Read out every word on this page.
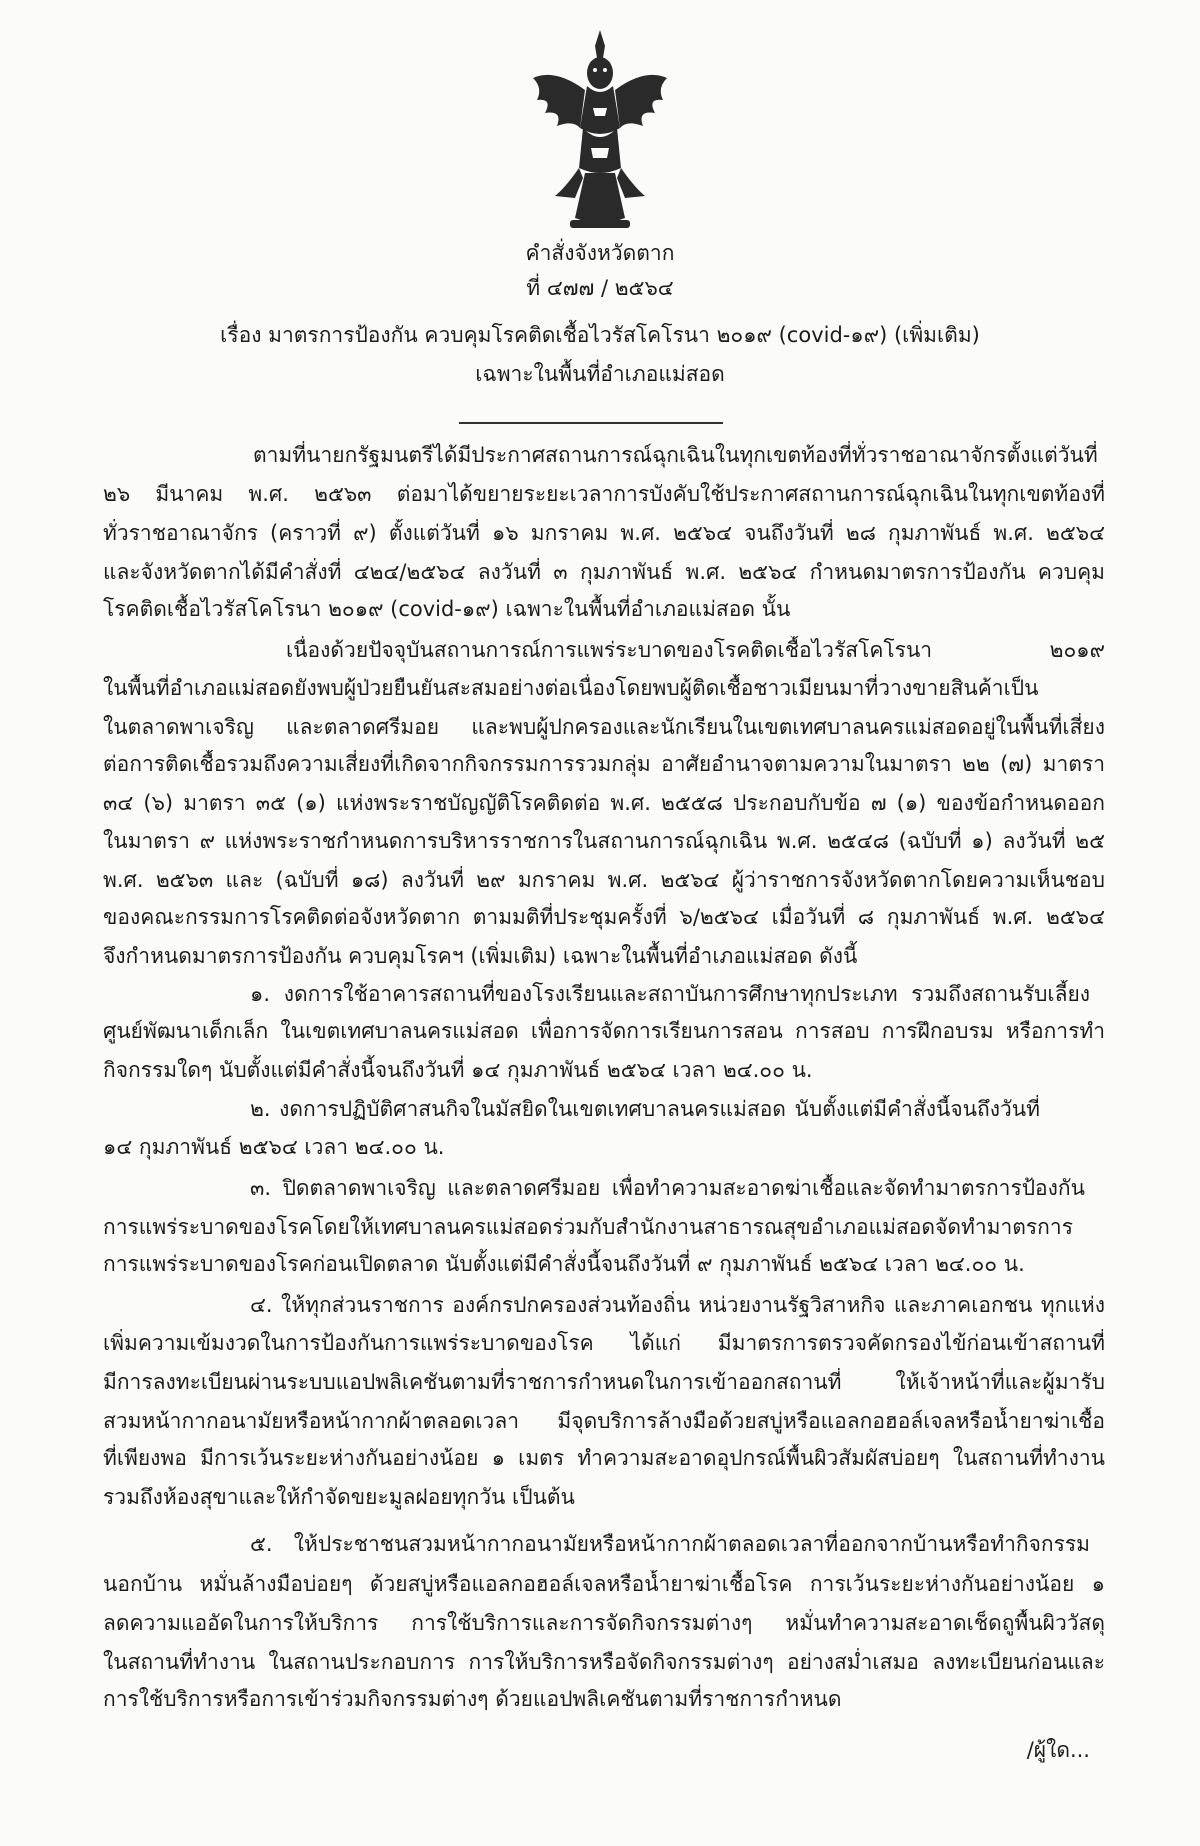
คำสั่งจังหวัดตาก
ที่ ๔๗๗ / ๒๕๖๔
เรื่อง มาตรการป้องกัน ควบคุมโรคติดเชื้อไวรัสโคโรนา ๒๐๑๙ (covid-๑๙) (เพิ่มเติม)
เฉพาะในพื้นที่อำเภอแม่สอด
ตามที่นายกรัฐมนตรีได้มีประกาศสถานการณ์ฉุกเฉินในทุกเขตท้องที่ทั่วราชอาณาจักรตั้งแต่วันที่
๒๖ มีนาคม พ.ศ. ๒๕๖๓ ต่อมาได้ขยายระยะเวลาการบังคับใช้ประกาศสถานการณ์ฉุกเฉินในทุกเขตท้องที่
ทั่วราชอาณาจักร (คราวที่ ๙) ตั้งแต่วันที่ ๑๖ มกราคม พ.ศ. ๒๕๖๔ จนถึงวันที่ ๒๘ กุมภาพันธ์ พ.ศ. ๒๕๖๔
และจังหวัดตากได้มีคำสั่งที่ ๔๒๔/๒๕๖๔ ลงวันที่ ๓ กุมภาพันธ์ พ.ศ. ๒๕๖๔ กำหนดมาตรการป้องกัน ควบคุม
โรคติดเชื้อไวรัสโคโรนา ๒๐๑๙ (covid-๑๙) เฉพาะในพื้นที่อำเภอแม่สอด นั้น
เนื่องด้วยปัจจุบันสถานการณ์การแพร่ระบาดของโรคติดเชื้อไวรัสโคโรนา ๒๐๑๙
ในพื้นที่อำเภอแม่สอดยังพบผู้ป่วยยืนยันสะสมอย่างต่อเนื่องโดยพบผู้ติดเชื้อชาวเมียนมาที่วางขายสินค้าเป็น
ในตลาดพาเจริญ และตลาดศรีมอย และพบผู้ปกครองและนักเรียนในเขตเทศบาลนครแม่สอดอยู่ในพื้นที่เสี่ยง
ต่อการติดเชื้อรวมถึงความเสี่ยงที่เกิดจากกิจกรรมการรวมกลุ่ม อาศัยอำนาจตามความในมาตรา ๒๒ (๗) มาตรา
๓๔ (๖) มาตรา ๓๕ (๑) แห่งพระราชบัญญัติโรคติดต่อ พ.ศ. ๒๕๕๘ ประกอบกับข้อ ๗ (๑) ของข้อกำหนดออก
ในมาตรา ๙ แห่งพระราชกำหนดการบริหารราชการในสถานการณ์ฉุกเฉิน พ.ศ. ๒๕๔๘ (ฉบับที่ ๑) ลงวันที่ ๒๕
พ.ศ. ๒๕๖๓ และ (ฉบับที่ ๑๘) ลงวันที่ ๒๙ มกราคม พ.ศ. ๒๕๖๔ ผู้ว่าราชการจังหวัดตากโดยความเห็นชอบ
ของคณะกรรมการโรคติดต่อจังหวัดตาก ตามมติที่ประชุมครั้งที่ ๖/๒๕๖๔ เมื่อวันที่ ๘ กุมภาพันธ์ พ.ศ. ๒๕๖๔
จึงกำหนดมาตรการป้องกัน ควบคุมโรคฯ (เพิ่มเติม) เฉพาะในพื้นที่อำเภอแม่สอด ดังนี้
๑. งดการใช้อาคารสถานที่ของโรงเรียนและสถาบันการศึกษาทุกประเภท รวมถึงสถานรับเลี้ยง
ศูนย์พัฒนาเด็กเล็ก ในเขตเทศบาลนครแม่สอด เพื่อการจัดการเรียนการสอน การสอบ การฝึกอบรม หรือการทำ
กิจกรรมใดๆ นับตั้งแต่มีคำสั่งนี้จนถึงวันที่ ๑๔ กุมภาพันธ์ ๒๕๖๔ เวลา ๒๔.๐๐ น.
๒. งดการปฏิบัติศาสนกิจในมัสยิดในเขตเทศบาลนครแม่สอด นับตั้งแต่มีคำสั่งนี้จนถึงวันที่
๑๔ กุมภาพันธ์ ๒๕๖๔ เวลา ๒๔.๐๐ น.
๓. ปิดตลาดพาเจริญ และตลาดศรีมอย เพื่อทำความสะอาดฆ่าเชื้อและจัดทำมาตรการป้องกัน
การแพร่ระบาดของโรคโดยให้เทศบาลนครแม่สอดร่วมกับสำนักงานสาธารณสุขอำเภอแม่สอดจัดทำมาตรการ
การแพร่ระบาดของโรคก่อนเปิดตลาด นับตั้งแต่มีคำสั่งนี้จนถึงวันที่ ๙ กุมภาพันธ์ ๒๕๖๔ เวลา ๒๔.๐๐ น.
๔. ให้ทุกส่วนราชการ องค์กรปกครองส่วนท้องถิ่น หน่วยงานรัฐวิสาหกิจ และภาคเอกชน ทุกแห่ง
เพิ่มความเข้มงวดในการป้องกันการแพร่ระบาดของโรค ได้แก่ มีมาตรการตรวจคัดกรองไข้ก่อนเข้าสถานที่
มีการลงทะเบียนผ่านระบบแอปพลิเคชันตามที่ราชการกำหนดในการเข้าออกสถานที่ ให้เจ้าหน้าที่และผู้มารับ
สวมหน้ากากอนามัยหรือหน้ากากผ้าตลอดเวลา มีจุดบริการล้างมือด้วยสบู่หรือแอลกอฮอล์เจลหรือน้ำยาฆ่าเชื้อ
ที่เพียงพอ มีการเว้นระยะห่างกันอย่างน้อย ๑ เมตร ทำความสะอาดอุปกรณ์พื้นผิวสัมผัสบ่อยๆ ในสถานที่ทำงาน
รวมถึงห้องสุขาและให้กำจัดขยะมูลฝอยทุกวัน เป็นต้น
๕. ให้ประชาชนสวมหน้ากากอนามัยหรือหน้ากากผ้าตลอดเวลาที่ออกจากบ้านหรือทำกิจกรรม
นอกบ้าน หมั่นล้างมือบ่อยๆ ด้วยสบู่หรือแอลกอฮอล์เจลหรือน้ำยาฆ่าเชื้อโรค การเว้นระยะห่างกันอย่างน้อย ๑
ลดความแออัดในการให้บริการ การใช้บริการและการจัดกิจกรรมต่างๆ หมั่นทำความสะอาดเช็ดถูพื้นผิววัสดุ
ในสถานที่ทำงาน ในสถานประกอบการ การให้บริการหรือจัดกิจกรรมต่างๆ อย่างสม่ำเสมอ ลงทะเบียนก่อนและ
การใช้บริการหรือการเข้าร่วมกิจกรรมต่างๆ ด้วยแอปพลิเคชันตามที่ราชการกำหนด
/ผู้ใด...
